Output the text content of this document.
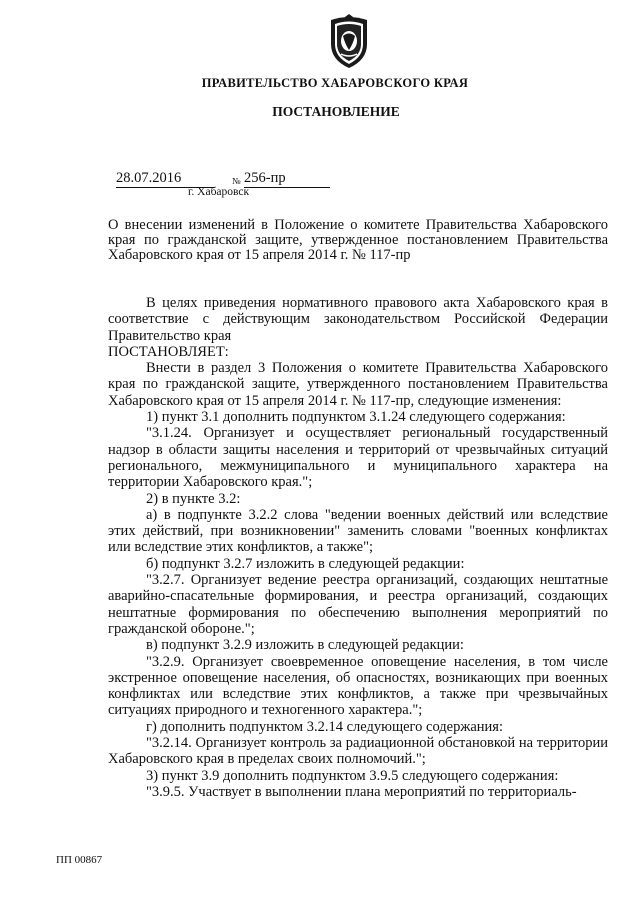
ПРАВИТЕЛЬСТВО ХАБАРОВСКОГО КРАЯ
ПОСТАНОВЛЕНИЕ
28.07.2016	№ 256-пр
г. Хабаровск
О внесении изменений в Положение о комитете Правительства Хабаровского края по гражданской защите, утвержденное постановлением Правительства Хабаровского края от 15 апреля 2014 г. № 117-пр

В целях приведения нормативного правового акта Хабаровского края в соответствие с действующим законодательством Российской Федерации Правительство края

ПОСТАНОВЛЯЕТ:

Внести в раздел 3 Положения о комитете Правительства Хабаровского края по гражданской защите, утвержденного постановлением Правительства Хабаровского края от 15 апреля 2014 г. № 117-пр, следующие изменения:

1) пункт 3.1 дополнить подпунктом 3.1.24 следующего содержания:

"3.1.24. Организует и осуществляет региональный государственный надзор в области защиты населения и территорий от чрезвычайных ситуаций регионального, межмуниципального и муниципального характера на территории Хабаровского края.";

2) в пункте 3.2:

а) в подпункте 3.2.2 слова "ведении военных действий или вследствие этих действий, при возникновении" заменить словами "военных конфликтах или вследствие этих конфликтов, а также";

б) подпункт 3.2.7 изложить в следующей редакции:

"3.2.7. Организует ведение реестра организаций, создающих нештатные аварийно-спасательные формирования, и реестра организаций, создающих нештатные формирования по обеспечению выполнения мероприятий по гражданской обороне.";

в) подпункт 3.2.9 изложить в следующей редакции:

"3.2.9. Организует своевременное оповещение населения, в том числе экстренное оповещение населения, об опасностях, возникающих при военных конфликтах или вследствие этих конфликтов, а также при чрезвычайных ситуациях природного и техногенного характера.";

г) дополнить подпунктом 3.2.14 следующего содержания:

"3.2.14. Организует контроль за радиационной обстановкой на территории Хабаровского края в пределах своих полномочий.";

3) пункт 3.9 дополнить подпунктом 3.9.5 следующего содержания:

"3.9.5. Участвует в выполнении плана мероприятий по территориаль-

ПП 00867
